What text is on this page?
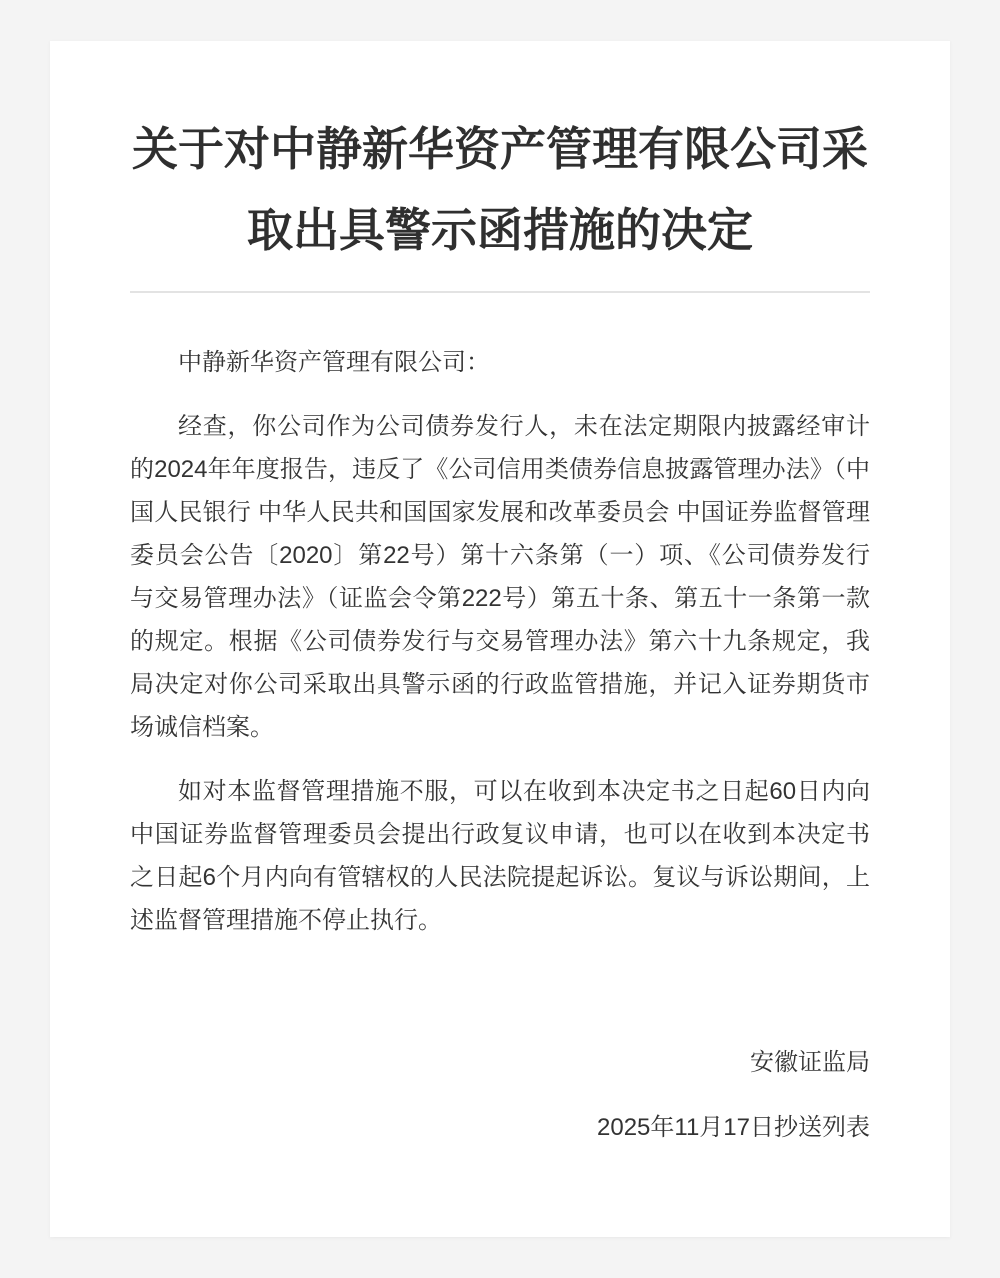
关于对中静新华资产管理有限公司采取出具警示函措施的决定

中静新华资产管理有限公司：

经查，你公司作为公司债券发行人，未在法定期限内披露经审计的2024年年度报告，违反了《公司信用类债券信息披露管理办法》（中国人民银行 中华人民共和国国家发展和改革委员会 中国证券监督管理委员会公告〔2020〕第22号）第十六条第（一）项、《公司债券发行与交易管理办法》（证监会令第222号）第五十条、第五十一条第一款的规定。根据《公司债券发行与交易管理办法》第六十九条规定，我局决定对你公司采取出具警示函的行政监管措施，并记入证券期货市场诚信档案。

如对本监督管理措施不服，可以在收到本决定书之日起60日内向中国证券监督管理委员会提出行政复议申请，也可以在收到本决定书之日起6个月内向有管辖权的人民法院提起诉讼。复议与诉讼期间，上述监督管理措施不停止执行。

安徽证监局

2025年11月17日抄送列表
